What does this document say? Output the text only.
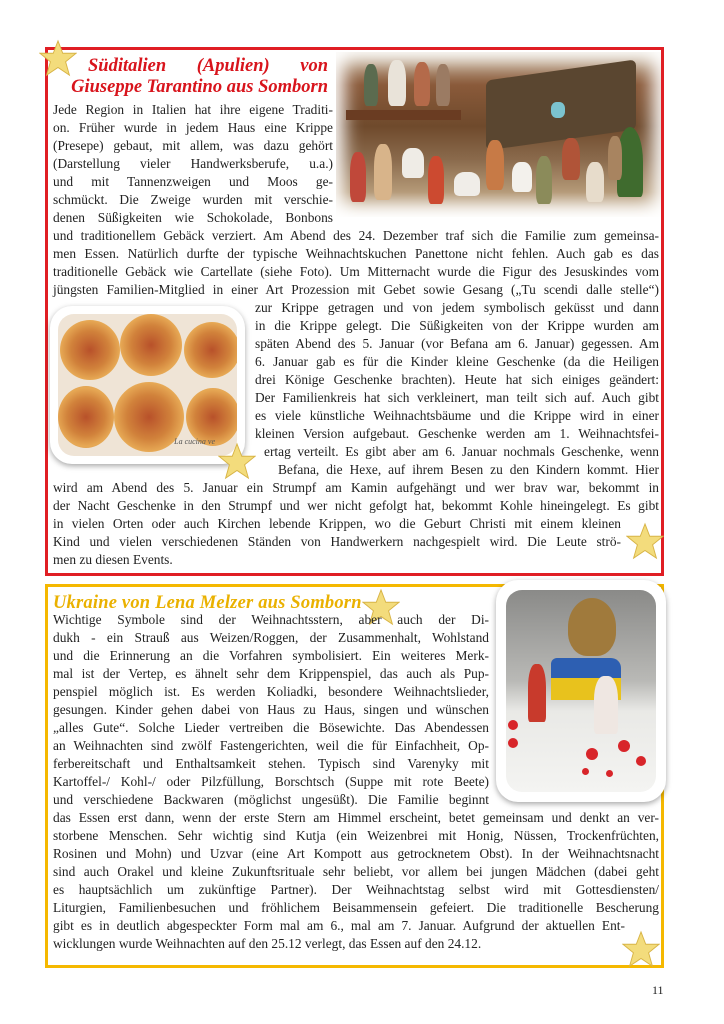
Süditalien (Apulien) von
Giuseppe Tarantino aus Somborn

Jede Region in Italien hat ihre eigene Traditi-
on. Früher wurde in jedem Haus eine Krippe
(Presepe) gebaut, mit allem, was dazu gehört
(Darstellung vieler Handwerksberufe, u.a.)
und mit Tannenzweigen und Moos ge-
schmückt. Die Zweige wurden mit verschie-
denen Süßigkeiten wie Schokolade, Bonbons

und traditionellem Gebäck verziert. Am Abend des 24. Dezember traf sich die Familie zum gemeinsa-
men Essen. Natürlich durfte der typische Weihnachtskuchen Panettone nicht fehlen. Auch gab es das
traditionelle Gebäck wie Cartellate (siehe Foto). Um Mitternacht wurde die Figur des Jesuskindes vom
jüngsten Familien-Mitglied in einer Art Prozession mit Gebet sowie Gesang („Tu scendi dalle stelle“)

La cucina ve

zur Krippe getragen und von jedem symbolisch geküsst und dann
in die Krippe gelegt. Die Süßigkeiten von der Krippe wurden am
späten Abend des 5. Januar (vor Befana am 6. Januar) gegessen. Am
6. Januar gab es für die Kinder kleine Geschenke (da die Heiligen
drei Könige Geschenke brachten). Heute hat sich einiges geändert:
Der Familienkreis hat sich verkleinert, man teilt sich auf. Auch gibt
es viele künstliche Weihnachtsbäume und die Krippe wird in einer
kleinen Version aufgebaut. Geschenke werden am 1. Weihnachtsfei-
ertag verteilt. Es gibt aber am 6. Januar nochmals Geschenke, wenn
Befana, die Hexe, auf ihrem Besen zu den Kindern kommt. Hier

wird am Abend des 5. Januar ein Strumpf am Kamin aufgehängt und wer brav war, bekommt in
der Nacht Geschenke in den Strumpf und wer nicht gefolgt hat, bekommt Kohle hineingelegt. Es gibt
in vielen Orten oder auch Kirchen lebende Krippen, wo die Geburt Christi mit einem kleinen
Kind und vielen verschiedenen Ständen von Handwerkern nachgespielt wird. Die Leute strö-
men zu diesen Events.

Ukraine von Lena Melzer aus Somborn

Wichtige Symbole sind der Weihnachtsstern, aber auch der Di-
dukh - ein Strauß aus Weizen/Roggen, der Zusammenhalt, Wohlstand
und die Erinnerung an die Vorfahren symbolisiert. Ein weiteres Merk-
mal ist der Vertep, es ähnelt sehr dem Krippenspiel, das auch als Pup-
penspiel möglich ist. Es werden Koliadki, besondere Weihnachtslieder,
gesungen. Kinder gehen dabei von Haus zu Haus, singen und wünschen
„alles Gute“. Solche Lieder vertreiben die Bösewichte. Das Abendessen
an Weihnachten sind zwölf Fastengerichten, weil die für Einfachheit, Op-
ferbereitschaft und Enthaltsamkeit stehen. Typisch sind Varenyky mit
Kartoffel-/ Kohl-/ oder Pilzfüllung, Borschtsch (Suppe mit rote Beete)
und verschiedene Backwaren (möglichst ungesüßt). Die Familie beginnt

das Essen erst dann, wenn der erste Stern am Himmel erscheint, betet gemeinsam und denkt an ver-
storbene Menschen. Sehr wichtig sind Kutja (ein Weizenbrei mit Honig, Nüssen, Trockenfrüchten,
Rosinen und Mohn) und Uzvar (eine Art Kompott aus getrocknetem Obst). In der Weihnachtsnacht
sind auch Orakel und kleine Zukunftsrituale sehr beliebt, vor allem bei jungen Mädchen (dabei geht
es hauptsächlich um zukünftige Partner). Der Weihnachtstag selbst wird mit Gottesdiensten/
Liturgien, Familienbesuchen und fröhlichem Beisammensein gefeiert. Die traditionelle Bescherung
gibt es in deutlich abgespeckter Form mal am 6., mal am 7. Januar. Aufgrund der aktuellen Ent-
wicklungen wurde Weihnachten auf den 25.12 verlegt, das Essen auf den 24.12.

11
